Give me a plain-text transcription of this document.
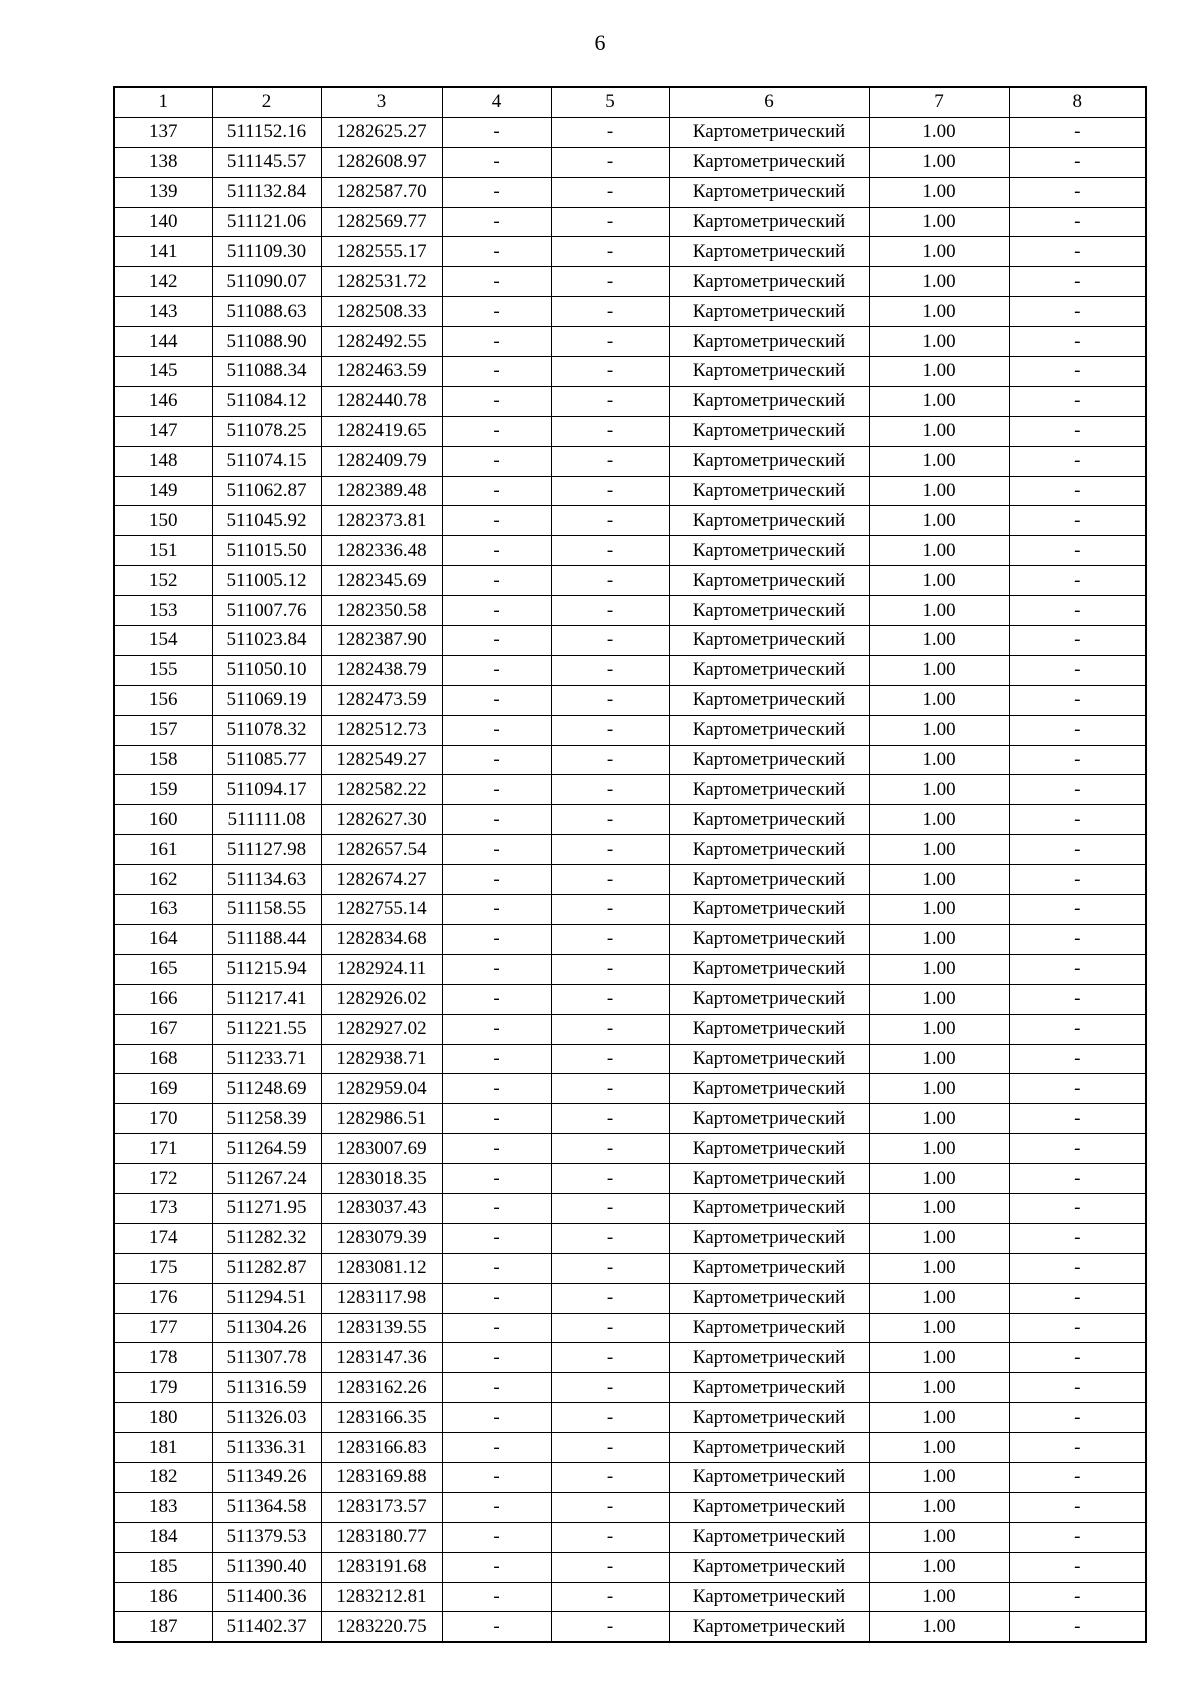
6
1	2	3	4	5	6	7	8
137	511152.16	1282625.27	-	-	Картометрический	1.00	-
138	511145.57	1282608.97	-	-	Картометрический	1.00	-
139	511132.84	1282587.70	-	-	Картометрический	1.00	-
140	511121.06	1282569.77	-	-	Картометрический	1.00	-
141	511109.30	1282555.17	-	-	Картометрический	1.00	-
142	511090.07	1282531.72	-	-	Картометрический	1.00	-
143	511088.63	1282508.33	-	-	Картометрический	1.00	-
144	511088.90	1282492.55	-	-	Картометрический	1.00	-
145	511088.34	1282463.59	-	-	Картометрический	1.00	-
146	511084.12	1282440.78	-	-	Картометрический	1.00	-
147	511078.25	1282419.65	-	-	Картометрический	1.00	-
148	511074.15	1282409.79	-	-	Картометрический	1.00	-
149	511062.87	1282389.48	-	-	Картометрический	1.00	-
150	511045.92	1282373.81	-	-	Картометрический	1.00	-
151	511015.50	1282336.48	-	-	Картометрический	1.00	-
152	511005.12	1282345.69	-	-	Картометрический	1.00	-
153	511007.76	1282350.58	-	-	Картометрический	1.00	-
154	511023.84	1282387.90	-	-	Картометрический	1.00	-
155	511050.10	1282438.79	-	-	Картометрический	1.00	-
156	511069.19	1282473.59	-	-	Картометрический	1.00	-
157	511078.32	1282512.73	-	-	Картометрический	1.00	-
158	511085.77	1282549.27	-	-	Картометрический	1.00	-
159	511094.17	1282582.22	-	-	Картометрический	1.00	-
160	511111.08	1282627.30	-	-	Картометрический	1.00	-
161	511127.98	1282657.54	-	-	Картометрический	1.00	-
162	511134.63	1282674.27	-	-	Картометрический	1.00	-
163	511158.55	1282755.14	-	-	Картометрический	1.00	-
164	511188.44	1282834.68	-	-	Картометрический	1.00	-
165	511215.94	1282924.11	-	-	Картометрический	1.00	-
166	511217.41	1282926.02	-	-	Картометрический	1.00	-
167	511221.55	1282927.02	-	-	Картометрический	1.00	-
168	511233.71	1282938.71	-	-	Картометрический	1.00	-
169	511248.69	1282959.04	-	-	Картометрический	1.00	-
170	511258.39	1282986.51	-	-	Картометрический	1.00	-
171	511264.59	1283007.69	-	-	Картометрический	1.00	-
172	511267.24	1283018.35	-	-	Картометрический	1.00	-
173	511271.95	1283037.43	-	-	Картометрический	1.00	-
174	511282.32	1283079.39	-	-	Картометрический	1.00	-
175	511282.87	1283081.12	-	-	Картометрический	1.00	-
176	511294.51	1283117.98	-	-	Картометрический	1.00	-
177	511304.26	1283139.55	-	-	Картометрический	1.00	-
178	511307.78	1283147.36	-	-	Картометрический	1.00	-
179	511316.59	1283162.26	-	-	Картометрический	1.00	-
180	511326.03	1283166.35	-	-	Картометрический	1.00	-
181	511336.31	1283166.83	-	-	Картометрический	1.00	-
182	511349.26	1283169.88	-	-	Картометрический	1.00	-
183	511364.58	1283173.57	-	-	Картометрический	1.00	-
184	511379.53	1283180.77	-	-	Картометрический	1.00	-
185	511390.40	1283191.68	-	-	Картометрический	1.00	-
186	511400.36	1283212.81	-	-	Картометрический	1.00	-
187	511402.37	1283220.75	-	-	Картометрический	1.00	-
